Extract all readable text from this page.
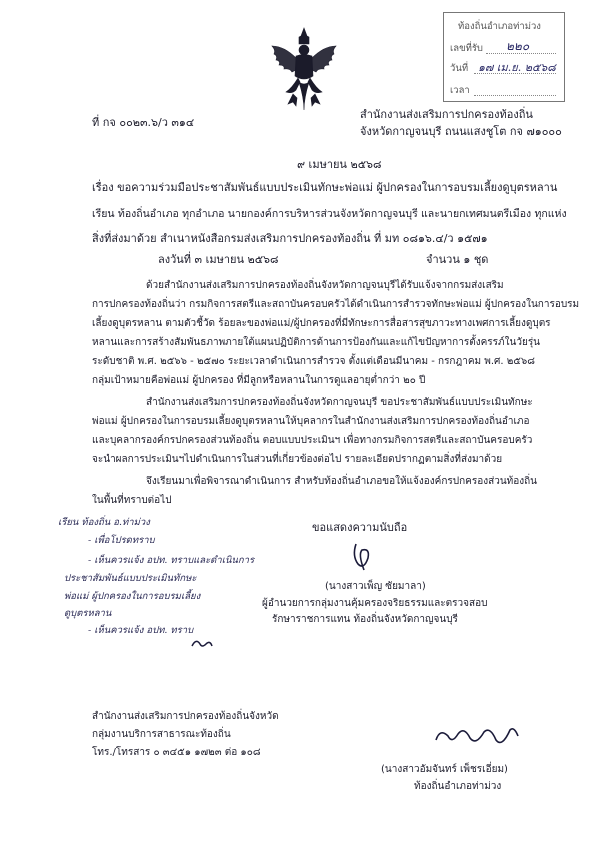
ท้องถิ่นอำเภอท่าม่วง
เลขที่รับ ๒๒๐
วันที่ ๑๗ เม.ย. ๒๕๖๘
เวลา
ที่ กจ ๐๐๒๓.๖/ว ๓๑๔
สำนักงานส่งเสริมการปกครองท้องถิ่น
จังหวัดกาญจนบุรี ถนนแสงชูโต กจ ๗๑๐๐๐
๙ เมษายน ๒๕๖๘
เรื่อง ขอความร่วมมือประชาสัมพันธ์แบบประเมินทักษะพ่อแม่ ผู้ปกครองในการอบรมเลี้ยงดูบุตรหลาน
เรียน ท้องถิ่นอำเภอ ทุกอำเภอ นายกองค์การบริหารส่วนจังหวัดกาญจนบุรี และนายกเทศมนตรีเมือง ทุกแห่ง
สิ่งที่ส่งมาด้วย สำเนาหนังสือกรมส่งเสริมการปกครองท้องถิ่น ที่ มท ๐๘๑๖.๔/ว ๑๕๗๑
ลงวันที่ ๓ เมษายน ๒๕๖๘	จำนวน ๑ ชุด
ด้วยสำนักงานส่งเสริมการปกครองท้องถิ่นจังหวัดกาญจนบุรีได้รับแจ้งจากกรมส่งเสริม
การปกครองท้องถิ่นว่า กรมกิจการสตรีและสถาบันครอบครัวได้ดำเนินการสำรวจทักษะพ่อแม่ ผู้ปกครองในการอบรม
เลี้ยงดูบุตรหลาน ตามตัวชี้วัด ร้อยละของพ่อแม่/ผู้ปกครองที่มีทักษะการสื่อสารสุขภาวะทางเพศการเลี้ยงดูบุตร
หลานและการสร้างสัมพันธภาพภายใต้แผนปฏิบัติการด้านการป้องกันและแก้ไขปัญหาการตั้งครรภ์ในวัยรุ่น
ระดับชาติ พ.ศ. ๒๕๖๖ - ๒๕๗๐ ระยะเวลาดำเนินการสำรวจ ตั้งแต่เดือนมีนาคม - กรกฎาคม พ.ศ. ๒๕๖๘
กลุ่มเป้าหมายคือพ่อแม่ ผู้ปกครอง ที่มีลูกหรือหลานในการดูแลอายุต่ำกว่า ๒๐ ปี
สำนักงานส่งเสริมการปกครองท้องถิ่นจังหวัดกาญจนบุรี ขอประชาสัมพันธ์แบบประเมินทักษะ
พ่อแม่ ผู้ปกครองในการอบรมเลี้ยงดูบุตรหลานให้บุคลากรในสำนักงานส่งเสริมการปกครองท้องถิ่นอำเภอ
และบุคลากรองค์กรปกครองส่วนท้องถิ่น ตอบแบบประเมินฯ เพื่อทางกรมกิจการสตรีและสถาบันครอบครัว
จะนำผลการประเมินฯไปดำเนินการในส่วนที่เกี่ยวข้องต่อไป รายละเอียดปรากฏตามสิ่งที่ส่งมาด้วย
จึงเรียนมาเพื่อพิจารณาดำเนินการ สำหรับท้องถิ่นอำเภอขอให้แจ้งองค์กรปกครองส่วนท้องถิ่น
ในพื้นที่ทราบต่อไป
ขอแสดงความนับถือ
(นางสาวเพ็ญ ซัยมาลา)
ผู้อำนวยการกลุ่มงานคุ้มครองจริยธรรมและตรวจสอบ
รักษาราชการแทน ท้องถิ่นจังหวัดกาญจนบุรี
เรียน ท้องถิ่น อ.ท่าม่วง
- เพื่อโปรดทราบ
- เห็นควรแจ้ง อปท. ทราบและดำเนินการ
ประชาสัมพันธ์แบบประเมินทักษะ
พ่อแม่ ผู้ปกครองในการอบรมเลี้ยง
ดูบุตรหลาน
- เห็นควรแจ้ง อปท. ทราบ
สำนักงานส่งเสริมการปกครองท้องถิ่นจังหวัด
กลุ่มงานบริการสาธารณะท้องถิ่น
โทร./โทรสาร ๐ ๓๔๕๑ ๑๗๒๓ ต่อ ๑๐๘
(นางสาวอัมจันทร์ เพ็ชรเอี่ยม)
ท้องถิ่นอำเภอท่าม่วง
